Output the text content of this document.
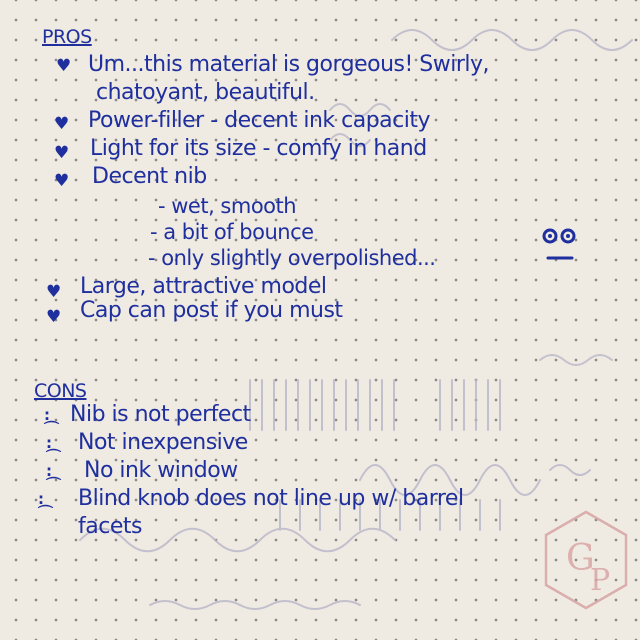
PROS
♥ Um...this material is gorgeous! Swirly,
chatoyant, beautiful.
♥ Power-filler - decent ink capacity
♥ Light for its size - comfy in hand
♥ Decent nib
- wet, smooth
- a bit of bounce
- only slightly overpolished...
♥ Large, attractive model
♥ Cap can post if you must
CONS
:
⌒
Nib is not perfect
:
⌒
Not inexpensive
:
⌒
No ink window
:
⌒
Blind knob does not line up w/ barrel
facets
G
P
